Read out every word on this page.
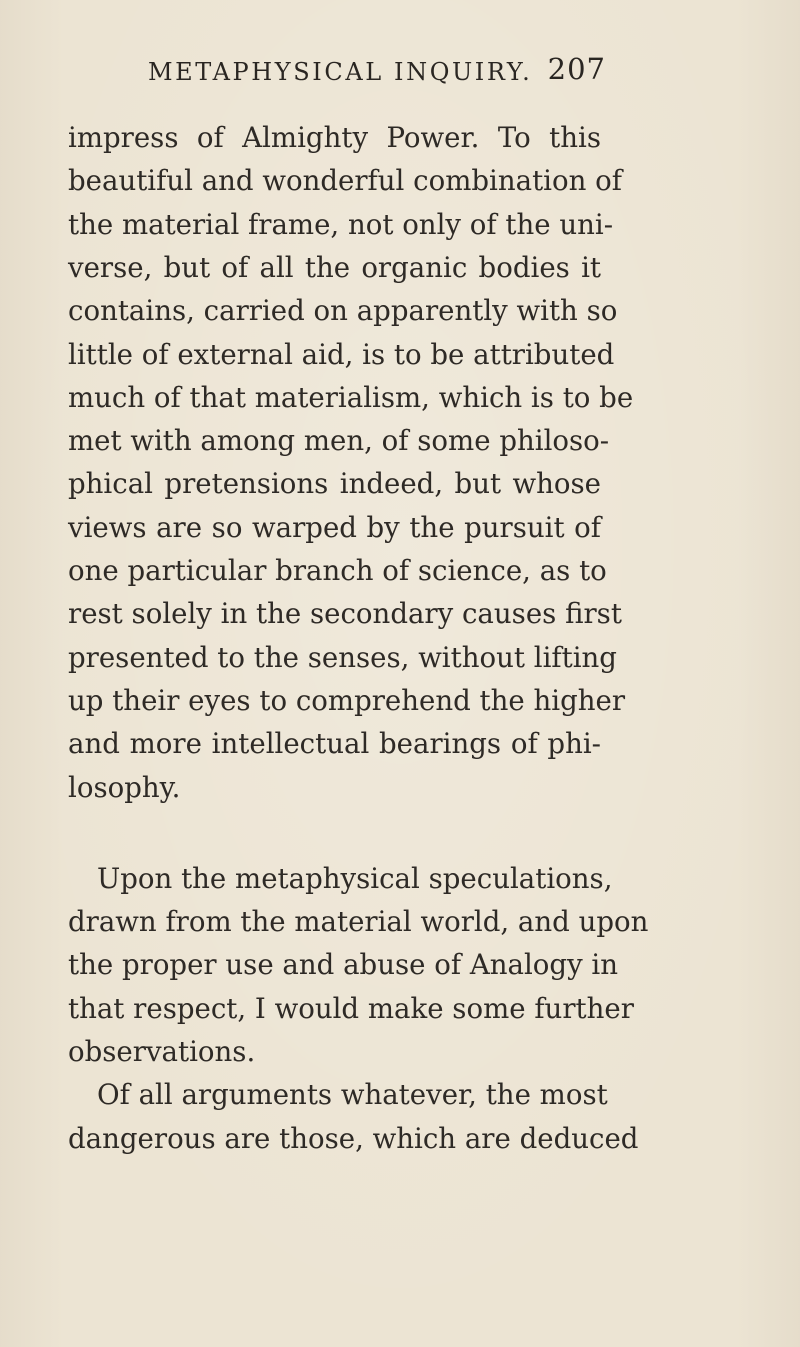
METAPHYSICAL INQUIRY. 207
impress of Almighty Power. To this
beautiful and wonderful combination of
the material frame, not only of the uni-
verse, but of all the organic bodies it
contains, carried on apparently with so
little of external aid, is to be attributed
much of that materialism, which is to be
met with among men, of some philoso-
phical pretensions indeed, but whose
views are so warped by the pursuit of
one particular branch of science, as to
rest solely in the secondary causes first
presented to the senses, without lifting
up their eyes to comprehend the higher
and more intellectual bearings of phi-
losophy.
Upon the metaphysical speculations,
drawn from the material world, and upon
the proper use and abuse of Analogy in
that respect, I would make some further
observations.
Of all arguments whatever, the most
dangerous are those, which are deduced
